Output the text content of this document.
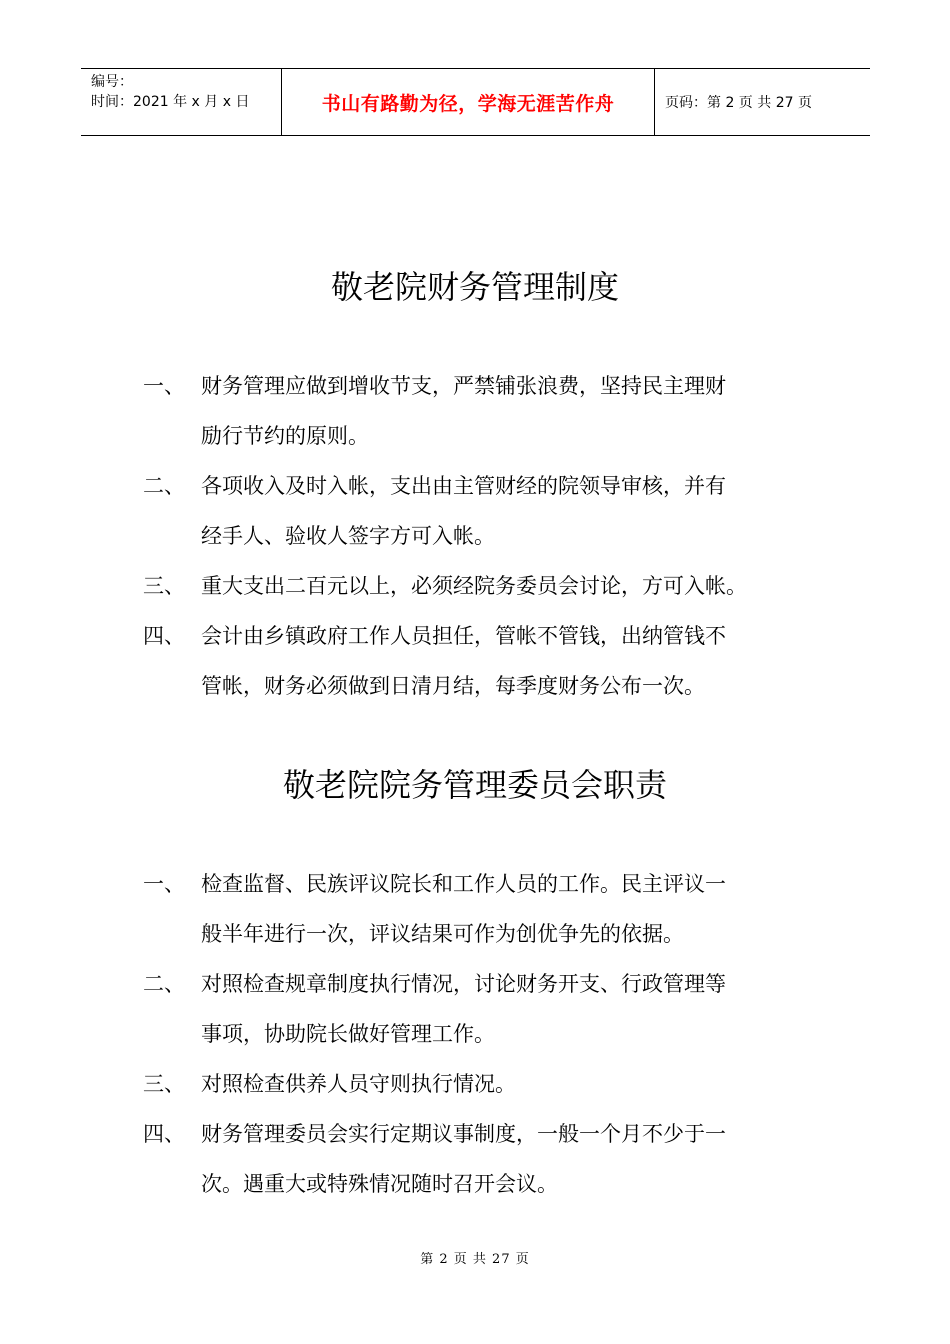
编号：
时间：2021 年 x 月 x 日	书山有路勤为径，学海无涯苦作舟	页码：第 2 页 共 27 页
敬老院财务管理制度
一、 财务管理应做到增收节支，严禁铺张浪费，坚持民主理财
励行节约的原则。
二、 各项收入及时入帐，支出由主管财经的院领导审核，并有
经手人、验收人签字方可入帐。
三、 重大支出二百元以上，必须经院务委员会讨论，方可入帐。
四、 会计由乡镇政府工作人员担任，管帐不管钱，出纳管钱不
管帐，财务必须做到日清月结，每季度财务公布一次。
敬老院院务管理委员会职责
一、 检查监督、民族评议院长和工作人员的工作。民主评议一
般半年进行一次，评议结果可作为创优争先的依据。
二、 对照检查规章制度执行情况，讨论财务开支、行政管理等
事项，协助院长做好管理工作。
三、 对照检查供养人员守则执行情况。
四、 财务管理委员会实行定期议事制度，一般一个月不少于一
次。遇重大或特殊情况随时召开会议。
第 2 页 共 27 页
